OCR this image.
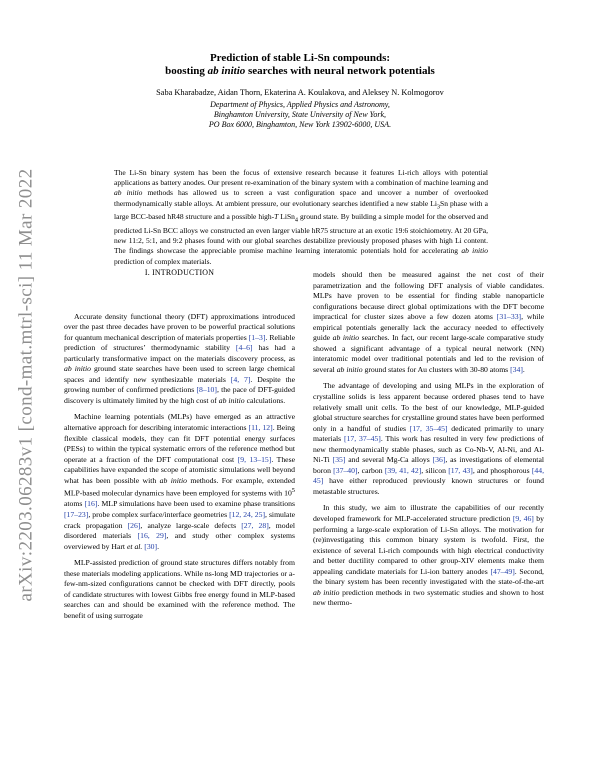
arXiv:2203.06283v1 [cond-mat.mtrl-sci] 11 Mar 2022
Prediction of stable Li-Sn compounds:
boosting ab initio searches with neural network potentials
Saba Kharabadze, Aidan Thorn, Ekaterina A. Koulakova, and Aleksey N. Kolmogorov
Department of Physics, Applied Physics and Astronomy,
Binghamton University, State University of New York,
PO Box 6000, Binghamton, New York 13902-6000, USA.

The Li-Sn binary system has been the focus of extensive research because it features Li-rich alloys with potential applications as battery anodes. Our present re-examination of the binary system with a combination of machine learning and ab initio methods has allowed us to screen a vast configuration space and uncover a number of overlooked thermodynamically stable alloys. At ambient pressure, our evolutionary searches identified a new stable $Li_3Sn$ phase with a large BCC-based hR48 structure and a possible high-T LiSn$_4$ ground state. By building a simple model for the observed and predicted Li-Sn BCC alloys we constructed an even larger viable hR75 structure at an exotic 19:6 stoichiometry. At 20 GPa, new 11:2, 5:1, and 9:2 phases found with our global searches destabilize previously proposed phases with high Li content. The findings showcase the appreciable promise machine learning interatomic potentials hold for accelerating ab initio prediction of complex materials.

I. INTRODUCTION

Accurate density functional theory (DFT) approximations introduced over the past three decades have proven to be powerful practical solutions for quantum mechanical description of materials properties [1–3]. Reliable prediction of structures’ thermodynamic stability [4–6] has had a particularly transformative impact on the materials discovery process, as ab initio ground state searches have been used to screen large chemical spaces and identify new synthesizable materials [4, 7]. Despite the growing number of confirmed predictions [8–10], the pace of DFT-guided discovery is ultimately limited by the high cost of ab initio calculations.

Machine learning potentials (MLPs) have emerged as an attractive alternative approach for describing interatomic interactions [11, 12]. Being flexible classical models, they can fit DFT potential energy surfaces (PESs) to within the typical systematic errors of the reference method but operate at a fraction of the DFT computational cost [9, 13–15]. These capabilities have expanded the scope of atomistic simulations well beyond what has been possible with ab initio methods. For example, extended MLP-based molecular dynamics have been employed for systems with $10^5$ atoms [16]. MLP simulations have been used to examine phase transitions [17–23], probe complex surface/interface geometries [12, 24, 25], simulate crack propagation [26], analyze large-scale defects [27, 28], model disordered materials [16, 29], and study other complex systems overviewed by Hart et al. [30].

MLP-assisted prediction of ground state structures differs notably from these materials modeling applications. While ns-long MD trajectories or a-few-nm-sized configurations cannot be checked with DFT directly, pools of candidate structures with lowest Gibbs free energy found in MLP-based searches can and should be examined with the reference method. The benefit of using surrogate

models should then be measured against the net cost of their parametrization and the following DFT analysis of viable candidates. MLPs have proven to be essential for finding stable nanoparticle configurations because direct global optimizations with the DFT become impractical for cluster sizes above a few dozen atoms [31–33], while empirical potentials generally lack the accuracy needed to effectively guide ab initio searches. In fact, our recent large-scale comparative study showed a significant advantage of a typical neural network (NN) interatomic model over traditional potentials and led to the revision of several ab initio ground states for Au clusters with 30-80 atoms [34].

The advantage of developing and using MLPs in the exploration of crystalline solids is less apparent because ordered phases tend to have relatively small unit cells. To the best of our knowledge, MLP-guided global structure searches for crystalline ground states have been performed only in a handful of studies [17, 35–45] dedicated primarily to unary materials [17, 37–45]. This work has resulted in very few predictions of new thermodynamically stable phases, such as Co-Nb-V, Al-Ni, and Al-Ni-Ti [35] and several Mg-Ca alloys [36], as investigations of elemental boron [37–40], carbon [39, 41, 42], silicon [17, 43], and phosphorous [44, 45] have either reproduced previously known structures or found metastable structures.

In this study, we aim to illustrate the capabilities of our recently developed framework for MLP-accelerated structure prediction [9, 46] by performing a large-scale exploration of Li-Sn alloys. The motivation for (re)investigating this common binary system is twofold. First, the existence of several Li-rich compounds with high electrical conductivity and better ductility compared to other group-XIV elements make them appealing candidate materials for Li-ion battery anodes [47–49]. Second, the binary system has been recently investigated with the state-of-the-art ab initio prediction methods in two systematic studies and shown to host new thermo-
